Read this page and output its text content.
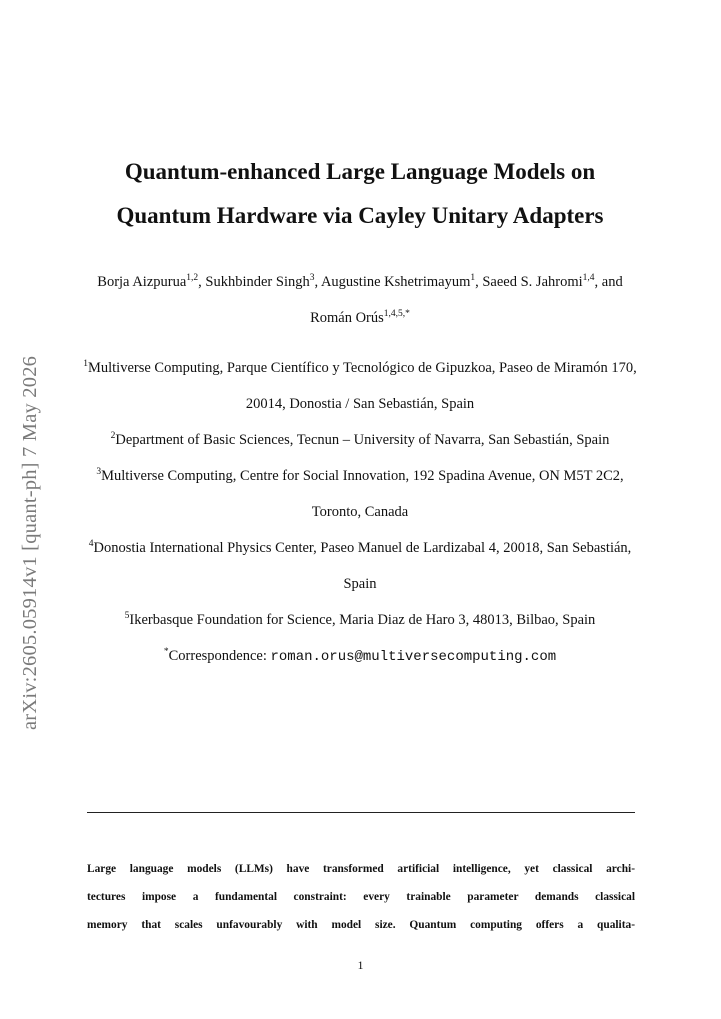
arXiv:2605.05914v1 [quant-ph] 7 May 2026
Quantum-enhanced Large Language Models on
Quantum Hardware via Cayley Unitary Adapters
Borja Aizpurua$^{1,2}$, Sukhbinder Singh$^3$, Augustine Kshetrimayum$^1$, Saeed S. Jahromi$^{1,4}$, and Román Orús$^{1,4,5,*}$
$^1$Multiverse Computing, Parque Científico y Tecnológico de Gipuzkoa, Paseo de Miramón 170, 20014, Donostia / San Sebastián, Spain
$^2$Department of Basic Sciences, Tecnun – University of Navarra, San Sebastián, Spain
$^3$Multiverse Computing, Centre for Social Innovation, 192 Spadina Avenue, ON M5T 2C2, Toronto, Canada
$^4$Donostia International Physics Center, Paseo Manuel de Lardizabal 4, 20018, San Sebastián, Spain
$^5$Ikerbasque Foundation for Science, Maria Diaz de Haro 3, 48013, Bilbao, Spain
*Correspondence: roman.orus@multiversecomputing.com
Large language models (LLMs) have transformed artificial intelligence, yet classical archi-
tectures impose a fundamental constraint: every trainable parameter demands classical
memory that scales unfavourably with model size. Quantum computing offers a qualita-
1
